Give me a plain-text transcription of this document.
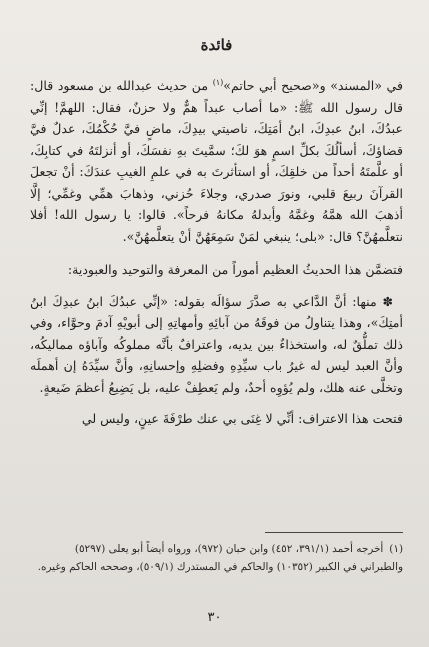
فائدة

في «المسند» و«صحيح أبي حاتم»$^{(١)}$ من حديث عبدالله بن مسعود قال: قال رسول الله ﷺ: «ما أصاب عبداً همٌّ ولا حزنٌ، فقال: اللهمَّ! إنِّي عبدُكَ، ابنُ عبدِكَ، ابنُ أمَتِكَ، ناصيتي بيدِكَ، ماضٍ فيَّ حُكْمُكَ، عدلٌ فيَّ قضاؤكَ، أسألُكَ بكلِّ اسمٍ هوَ لكَ؛ سمَّيتَ بهِ نفسَكَ، أو أنزلتَهُ في كتابِكَ، أو علَّمتَهُ أحداً من خلقِكَ، أو استأثرتَ به في علمِ الغيبِ عندَكَ: أنْ تجعلَ القرآنَ ربيعَ قلبي، ونورَ صدري، وجلاءَ حُزني، وذهابَ همِّي وغمِّي؛ إلَّا أذهبَ الله همَّهُ وغمَّهُ وأبدلهُ مكانهُ فرحاً». قالوا: يا رسول الله! أفلا نتعلَّمهُنَّ؟ قال: «بلى؛ ينبغي لمَنْ سَمِعَهُنَّ أنْ يتعلَّمهُنَّ».

فتضمَّن هذا الحديثُ العظيم أموراً من المعرفة والتوحيد والعبودية:

✽ منها: أنَّ الدَّاعي به صدَّرَ سؤالَه بقوله: «إنِّي عبدُكَ ابنُ عبدِكَ ابنُ أمتِكَ»، وهذا يتناولُ من فوقَهُ من آبائِهِ وأمهاتِهِ إلى أبويْهِ آدمَ وحوَّاء، وفي ذلك تملُّقٌ له، واستخذاءٌ بين يديه، واعترافٌ بأنَّه مملوكُه وآباؤه مماليكُه، وأنَّ العبد ليس له غيرُ باب سيِّدِهِ وفضلِهِ وإحسانِهِ، وأنَّ سيِّدَهُ إن أهملَه وتخلَّى عنه هلك، ولم يُؤوِه أحدٌ، ولم يَعطِفْ عليه، بل يَضِيعُ أعظمَ ضَيعةٍ.

فتحت هذا الاعتراف: أنِّي لا غِنَى بي عنك طرْفَةَ عينٍ، وليس لي

(١)أخرجه أحمد (٣٩١/١، ٤٥٢) وابن حبان (٩٧٢)، ورواه أيضاً أبو يعلى (٥٢٩٧) والطبراني في الكبير (١٠٣٥٢) والحاكم في المستدرك (٥٠٩/١)، وصححه الحاكم وغيره.
٣٠
